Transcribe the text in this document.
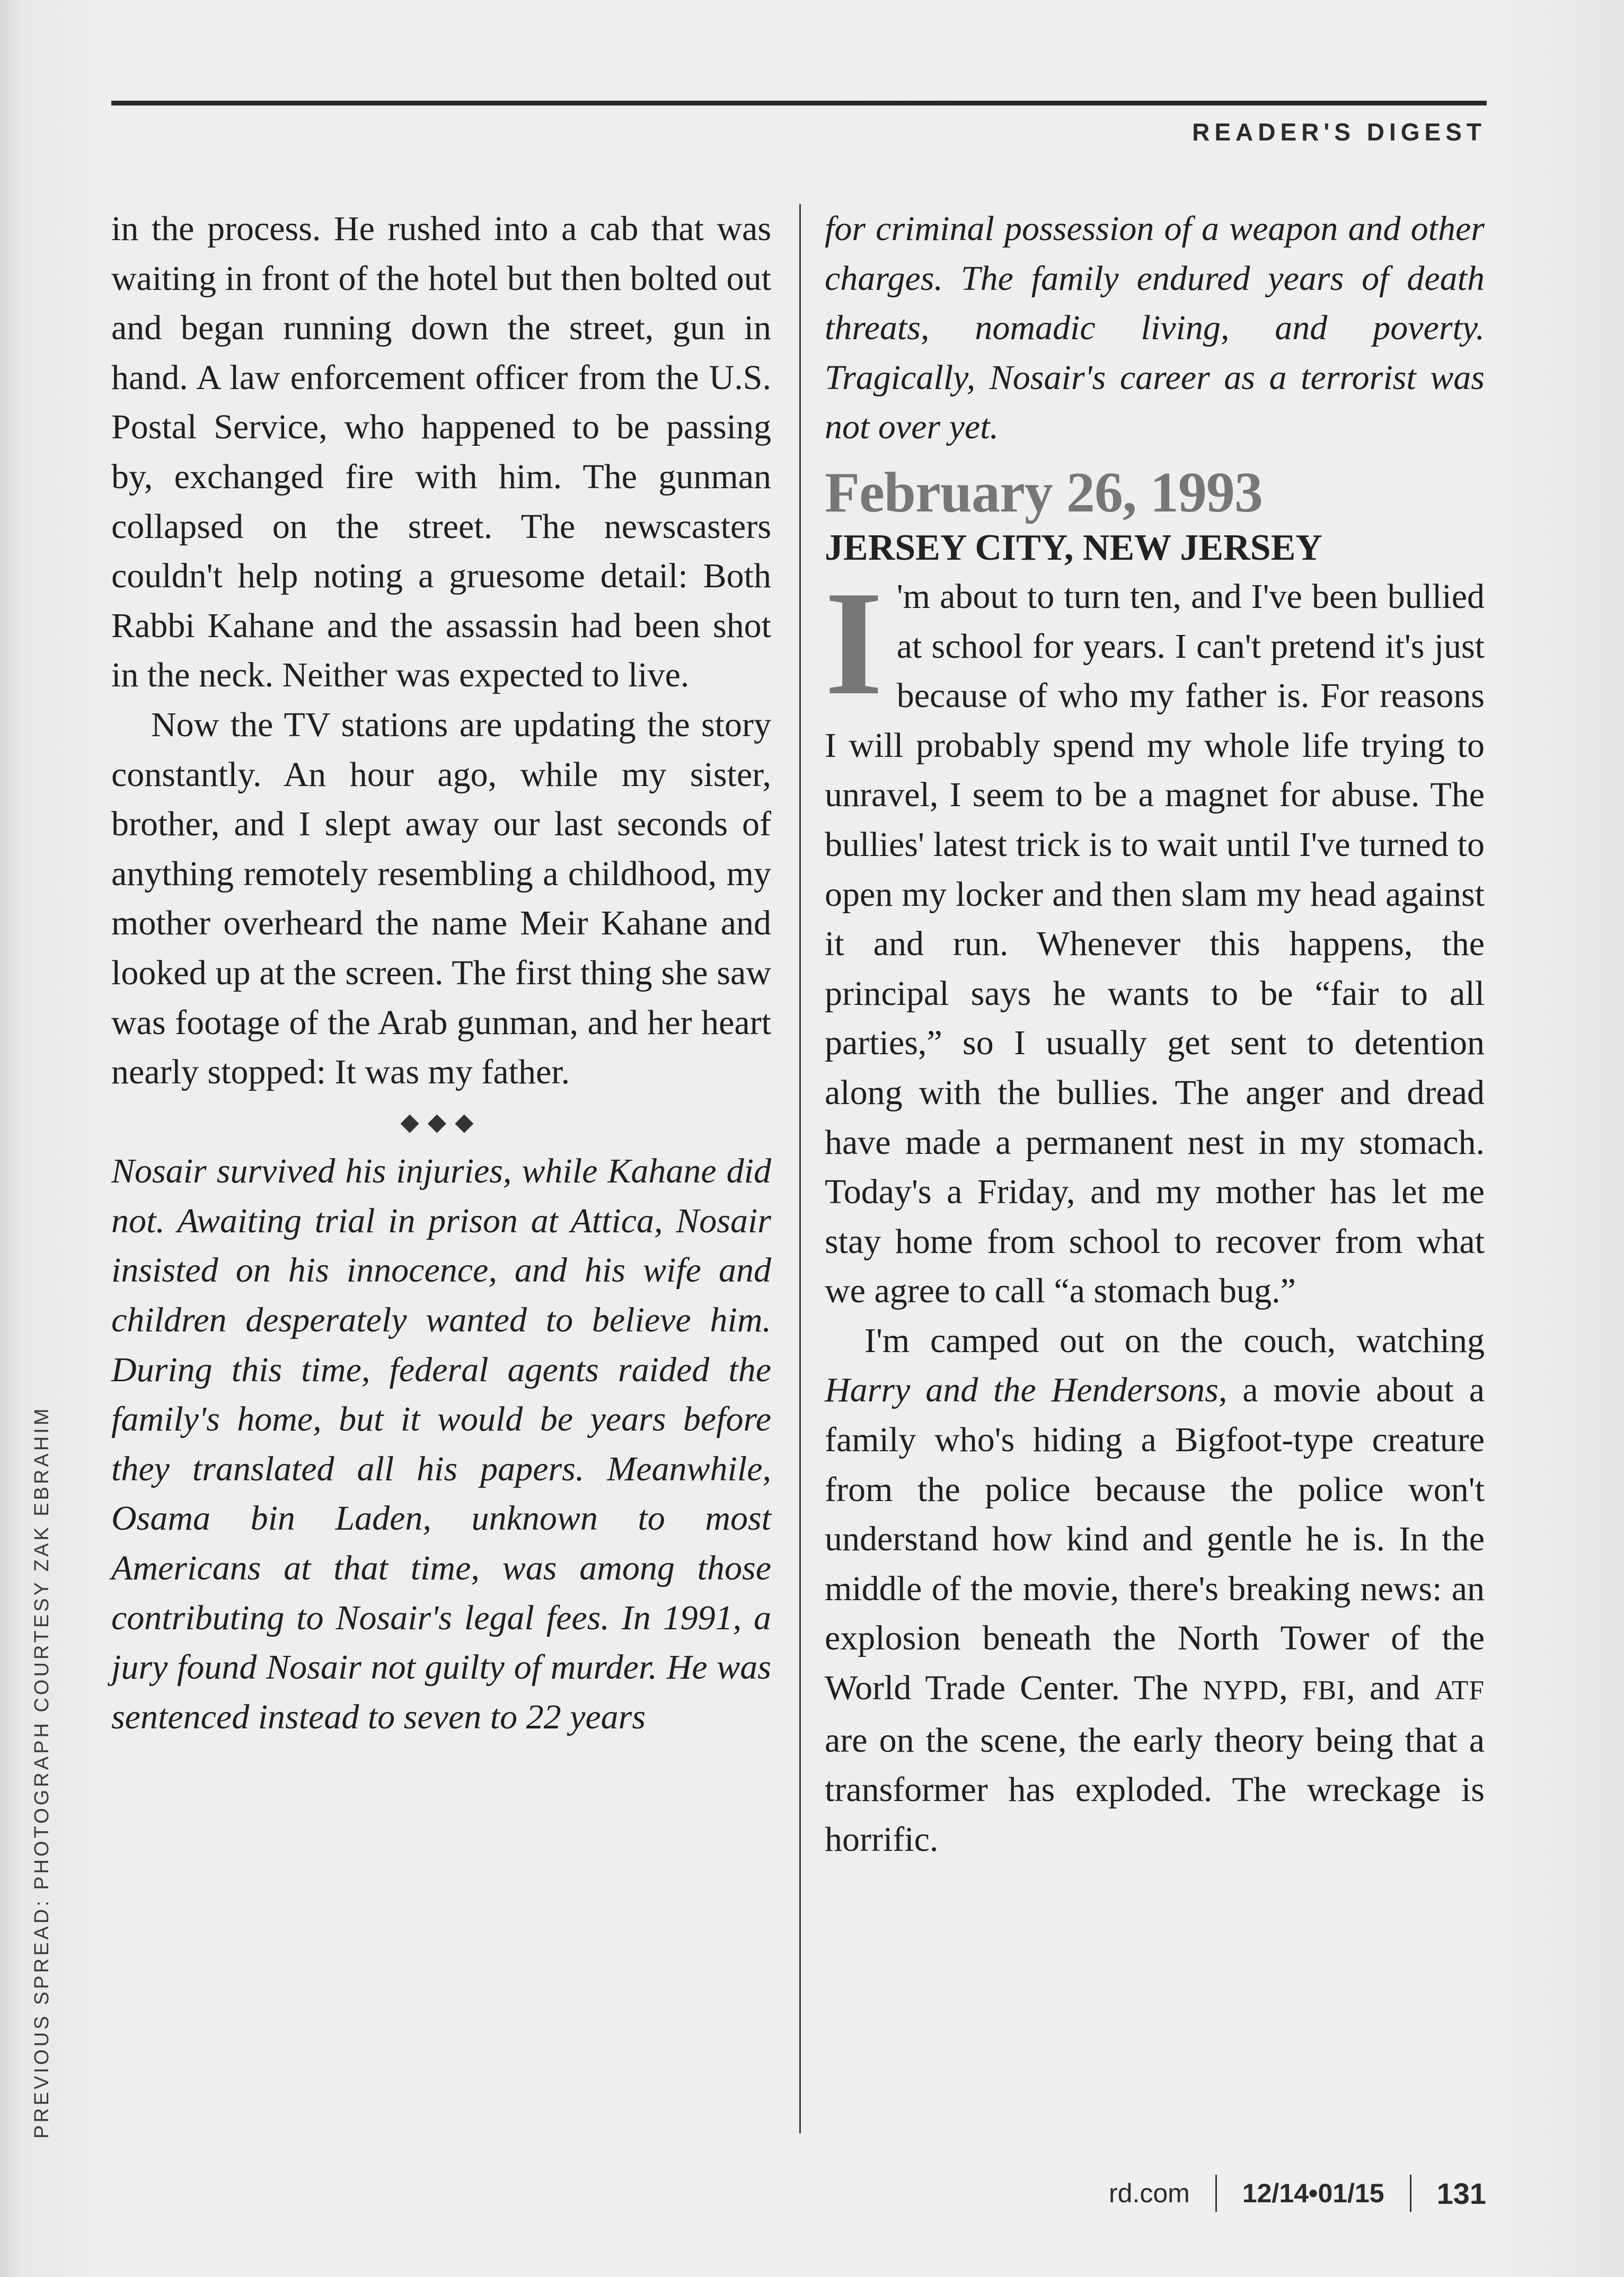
READER'S DIGEST

in the process. He rushed into a cab that was waiting in front of the hotel but then bolted out and began running down the street, gun in hand. A law enforcement officer from the U.S. Postal Service, who happened to be passing by, exchanged fire with him. The gunman collapsed on the street. The newscasters couldn't help noting a gruesome detail: Both Rabbi Kahane and the assassin had been shot in the neck. Neither was expected to live.

Now the TV stations are updating the story constantly. An hour ago, while my sister, brother, and I slept away our last seconds of anything remotely resembling a childhood, my mother overheard the name Meir Kahane and looked up at the screen. The first thing she saw was footage of the Arab gunman, and her heart nearly stopped: It was my father.

◆◆◆

Nosair survived his injuries, while Kahane did not. Awaiting trial in prison at Attica, Nosair insisted on his innocence, and his wife and children desperately wanted to believe him. During this time, federal agents raided the family's home, but it would be years before they translated all his papers. Meanwhile, Osama bin Laden, unknown to most Americans at that time, was among those contributing to Nosair's legal fees. In 1991, a jury found Nosair not guilty of murder. He was sentenced instead to seven to 22 years

for criminal possession of a weapon and other charges. The family endured years of death threats, nomadic living, and poverty. Tragically, Nosair's career as a terrorist was not over yet.

February 26, 1993
JERSEY CITY, NEW JERSEY

I 'm about to turn ten, and I've been bullied at school for years. I can't pretend it's just because of who my father is. For reasons I will probably spend my whole life trying to unravel, I seem to be a magnet for abuse. The bullies' latest trick is to wait until I've turned to open my locker and then slam my head against it and run. Whenever this happens, the principal says he wants to be “fair to all parties,” so I usually get sent to detention along with the bullies. The anger and dread have made a permanent nest in my stomach. Today's a Friday, and my mother has let me stay home from school to recover from what we agree to call “a stomach bug.”

I'm camped out on the couch, watching Harry and the Hendersons, a movie about a family who's hiding a Bigfoot-type creature from the police because the police won't understand how kind and gentle he is. In the middle of the movie, there's breaking news: an explosion beneath the North Tower of the World Trade Center. The NYPD, FBI, and ATF are on the scene, the early theory being that a transformer has exploded. The wreckage is horrific.

PREVIOUS SPREAD: PHOTOGRAPH COURTESY ZAK EBRAHIM
rd.com 12/14•01/15 131
